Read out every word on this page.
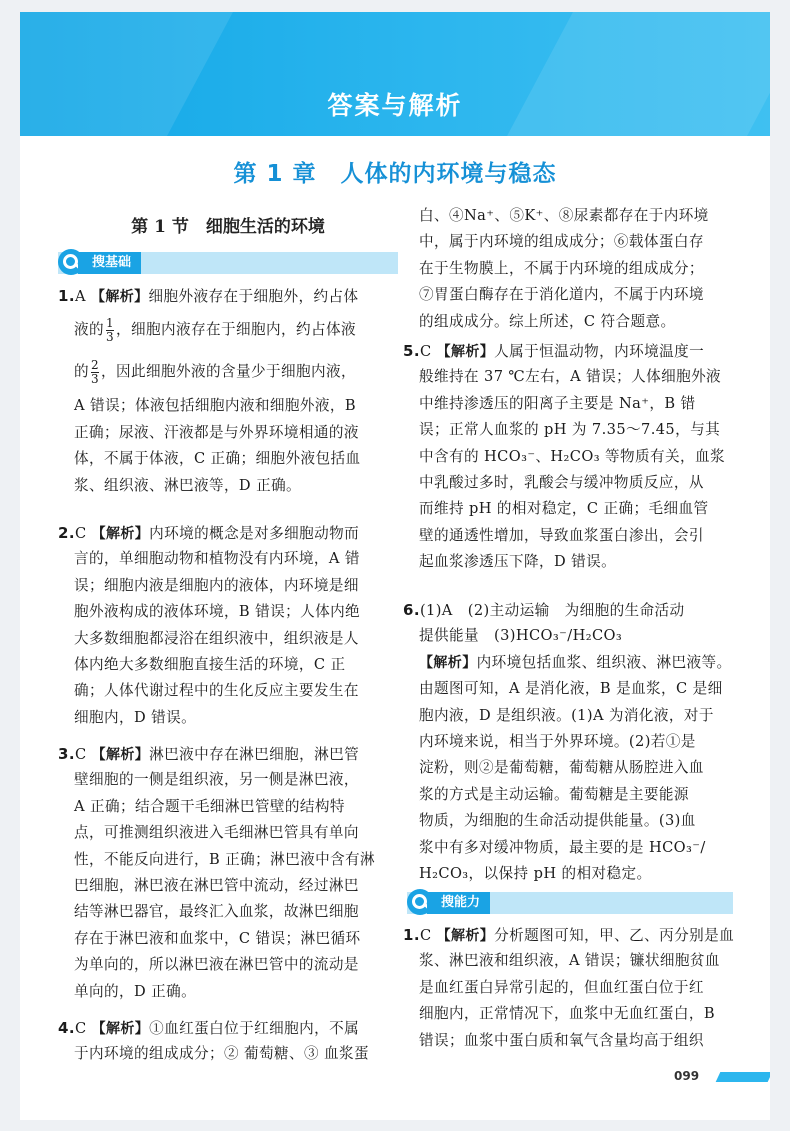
答案与解析
第 1 章　人体的内环境与稳态
第 1 节　细胞生活的环境
搜基础
1.A 【解析】细胞外液存在于细胞外，约占体
液的 $\frac{1}{3}$ ，细胞内液存在于细胞内，约占体液
的 $\frac{2}{3}$ ，因此细胞外液的含量少于细胞内液，
A 错误；体液包括细胞内液和细胞外液，B
正确；尿液、汗液都是与外界环境相通的液
体，不属于体液，C 正确；细胞外液包括血
浆、组织液、淋巴液等，D 正确。
2.C 【解析】内环境的概念是对多细胞动物而
言的，单细胞动物和植物没有内环境，A 错
误；细胞内液是细胞内的液体，内环境是细
胞外液构成的液体环境，B 错误；人体内绝
大多数细胞都浸浴在组织液中，组织液是人
体内绝大多数细胞直接生活的环境，C 正
确；人体代谢过程中的生化反应主要发生在
细胞内，D 错误。
3.C 【解析】淋巴液中存在淋巴细胞，淋巴管
壁细胞的一侧是组织液，另一侧是淋巴液，
A 正确；结合题干毛细淋巴管壁的结构特
点，可推测组织液进入毛细淋巴管具有单向
性，不能反向进行，B 正确；淋巴液中含有淋
巴细胞，淋巴液在淋巴管中流动，经过淋巴
结等淋巴器官，最终汇入血浆，故淋巴细胞
存在于淋巴液和血浆中，C 错误；淋巴循环
为单向的，所以淋巴液在淋巴管中的流动是
单向的，D 正确。
4.C 【解析】①血红蛋白位于红细胞内，不属
于内环境的组成成分；② 葡萄糖、③ 血浆蛋
白、④Na⁺、⑤K⁺、⑧尿素都存在于内环境
中，属于内环境的组成成分；⑥载体蛋白存
在于生物膜上，不属于内环境的组成成分；
⑦胃蛋白酶存在于消化道内，不属于内环境
的组成成分。综上所述，C 符合题意。
5.C 【解析】人属于恒温动物，内环境温度一
般维持在 37 ℃左右，A 错误；人体细胞外液
中维持渗透压的阳离子主要是 Na⁺，B 错
误；正常人血浆的 pH 为 7.35～7.45，与其
中含有的 HCO₃⁻、H₂CO₃ 等物质有关，血浆
中乳酸过多时，乳酸会与缓冲物质反应，从
而维持 pH 的相对稳定，C 正确；毛细血管
壁的通透性增加，导致血浆蛋白渗出，会引
起血浆渗透压下降，D 错误。
6.(1)A　(2)主动运输　为细胞的生命活动
提供能量　(3)HCO₃⁻/H₂CO₃
【解析】内环境包括血浆、组织液、淋巴液等。
由题图可知，A 是消化液，B 是血浆，C 是细
胞内液，D 是组织液。(1)A 为消化液，对于
内环境来说，相当于外界环境。(2)若①是
淀粉，则②是葡萄糖，葡萄糖从肠腔进入血
浆的方式是主动运输。葡萄糖是主要能源
物质，为细胞的生命活动提供能量。(3)血
浆中有多对缓冲物质，最主要的是 HCO₃⁻/
H₂CO₃，以保持 pH 的相对稳定。
搜能力
1.C 【解析】分析题图可知，甲、乙、丙分别是血
浆、淋巴液和组织液，A 错误；镰状细胞贫血
是血红蛋白异常引起的，但血红蛋白位于红
细胞内，正常情况下，血浆中无血红蛋白，B
错误；血浆中蛋白质和氧气含量均高于组织
099
